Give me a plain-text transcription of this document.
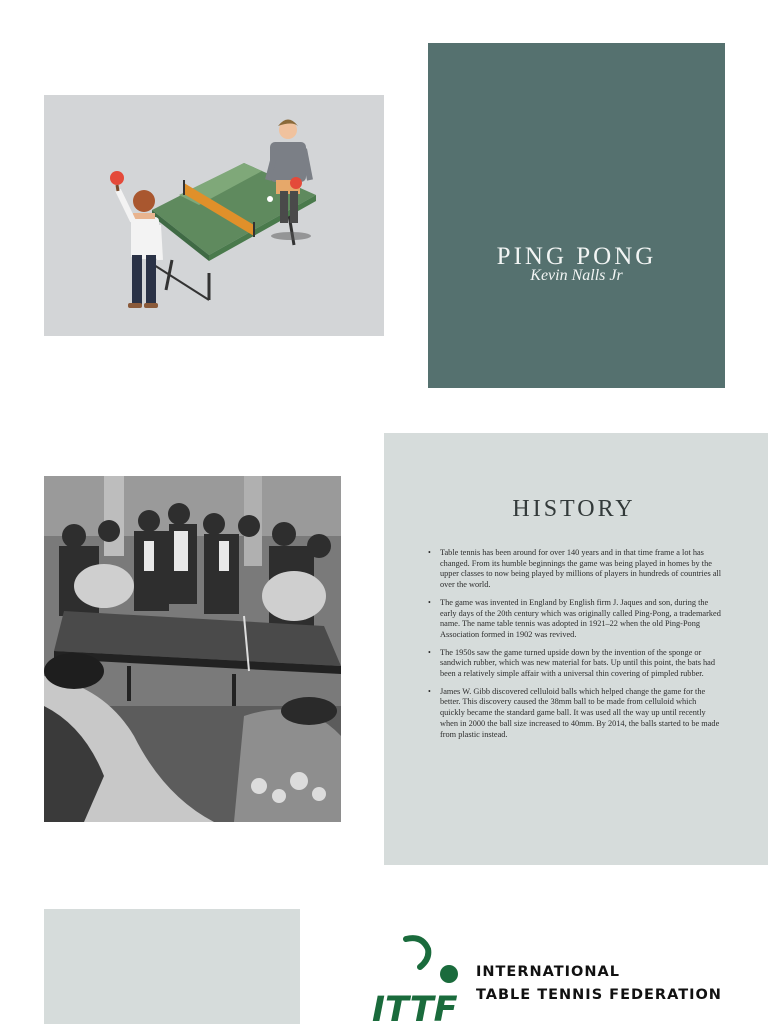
PING PONG
Kevin Nalls Jr
HISTORY
• Table tennis has been around for over 140 years and in that time frame a lot has changed. From its humble beginnings the game was being played in homes by the upper classes to now being played by millions of players in hundreds of countries all over the world.
• The game was invented in England by English firm J. Jaques and son, during the early days of the 20th century which was originally called Ping-Pong, a trademarked name. The name table tennis was adopted in 1921–22 when the old Ping-Pong Association formed in 1902 was revived.
• The 1950s saw the game turned upside down by the invention of the sponge or sandwich rubber, which was new material for bats. Up until this point, the bats had been a relatively simple affair with a universal thin covering of pimpled rubber.
• James W. Gibb discovered celluloid balls which helped change the game for the better. This discovery caused the 38mm ball to be made from celluloid which quickly became the standard game ball. It was used all the way up until recently when in 2000 the ball size increased to 40mm. By 2014, the balls started to be made from plastic instead.
ITTF
INTERNATIONAL
TABLE TENNIS FEDERATION
